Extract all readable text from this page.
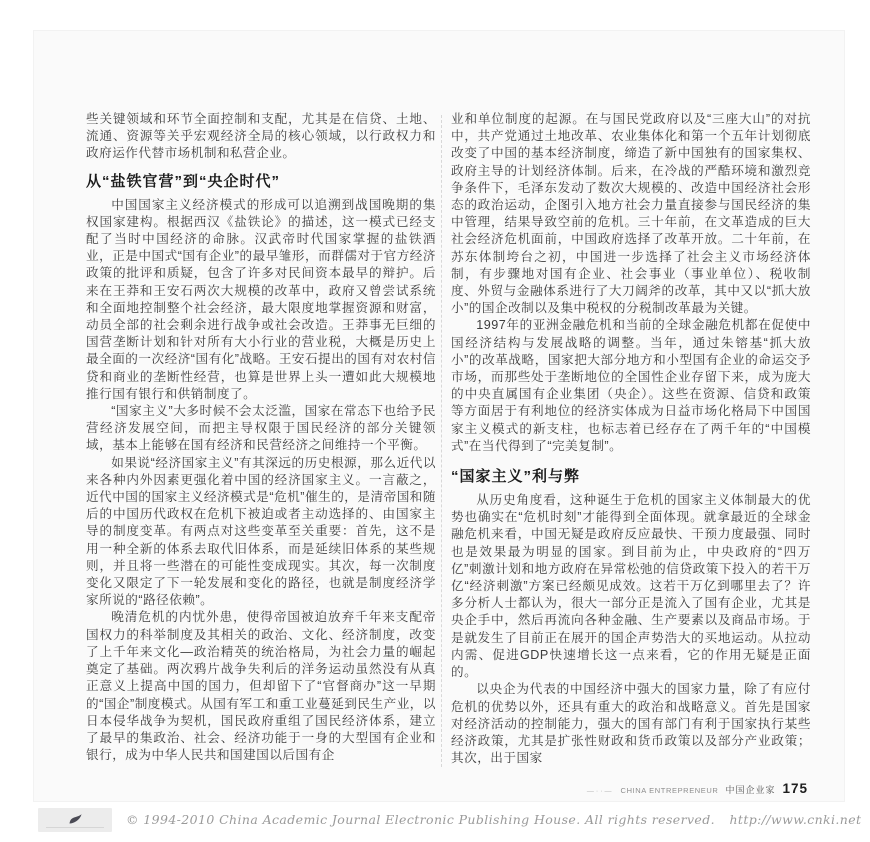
些关键领域和环节全面控制和支配，尤其是在信贷、土地、流通、资源等关乎宏观经济全局的核心领域，以行政权力和政府运作代替市场机制和私营企业。

从“盐铁官营”到“央企时代”

中国国家主义经济模式的形成可以追溯到战国晚期的集权国家建构。根据西汉《盐铁论》的描述，这一模式已经支配了当时中国经济的命脉。汉武帝时代国家掌握的盐铁酒业，正是中国式“国有企业”的最早雏形，而群儒对于官方经济政策的批评和质疑，包含了许多对民间资本最早的辩护。后来在王莽和王安石两次大规模的改革中，政府又曾尝试系统和全面地控制整个社会经济，最大限度地掌握资源和财富，动员全部的社会剩余进行战争或社会改造。王莽事无巨细的国营垄断计划和针对所有大小行业的营业税，大概是历史上最全面的一次经济“国有化”战略。王安石提出的国有对农村信贷和商业的垄断性经营，也算是世界上头一遭如此大规模地推行国有银行和供销制度了。

“国家主义”大多时候不会太泛滥，国家在常态下也给予民营经济发展空间，而把主导权限于国民经济的部分关键领域，基本上能够在国有经济和民营经济之间维持一个平衡。

如果说“经济国家主义”有其深远的历史根源，那么近代以来各种内外因素更强化着中国的经济国家主义。一言蔽之，近代中国的国家主义经济模式是“危机”催生的，是清帝国和随后的中国历代政权在危机下被迫或者主动选择的、由国家主导的制度变革。有两点对这些变革至关重要：首先，这不是用一种全新的体系去取代旧体系，而是延续旧体系的某些规则，并且将一些潜在的可能性变成现实。其次，每一次制度变化又限定了下一轮发展和变化的路径，也就是制度经济学家所说的“路径依赖”。

晚清危机的内忧外患，使得帝国被迫放弃千年来支配帝国权力的科举制度及其相关的政治、文化、经济制度，改变了上千年来文化—政治精英的统治格局，为社会力量的崛起奠定了基础。两次鸦片战争失利后的洋务运动虽然没有从真正意义上提高中国的国力，但却留下了“官督商办”这一早期的“国企”制度模式。从国有军工和重工业蔓延到民生产业，以日本侵华战争为契机，国民政府重组了国民经济体系，建立了最早的集政治、社会、经济功能于一身的大型国有企业和银行，成为中华人民共和国建国以后国有企

业和单位制度的起源。在与国民党政府以及“三座大山”的对抗中，共产党通过土地改革、农业集体化和第一个五年计划彻底改变了中国的基本经济制度，缔造了新中国独有的国家集权、政府主导的计划经济体制。后来，在冷战的严酷环境和激烈竞争条件下，毛泽东发动了数次大规模的、改造中国经济社会形态的政治运动，企图引入地方社会力量直接参与国民经济的集中管理，结果导致空前的危机。三十年前，在文革造成的巨大社会经济危机面前，中国政府选择了改革开放。二十年前，在苏东体制垮台之初，中国进一步选择了社会主义市场经济体制，有步骤地对国有企业、社会事业（事业单位）、税收制度、外贸与金融体系进行了大刀阔斧的改革，其中又以“抓大放小”的国企改制以及集中税权的分税制改革最为关键。

1997年的亚洲金融危机和当前的全球金融危机都在促使中国经济结构与发展战略的调整。当年，通过朱镕基“抓大放小”的改革战略，国家把大部分地方和小型国有企业的命运交予市场，而那些处于垄断地位的全国性企业存留下来，成为庞大的中央直属国有企业集团（央企）。这些在资源、信贷和政策等方面居于有利地位的经济实体成为日益市场化格局下中国国家主义模式的新支柱，也标志着已经存在了两千年的“中国模式”在当代得到了“完美复制”。

“国家主义”利与弊

从历史角度看，这种诞生于危机的国家主义体制最大的优势也确实在“危机时刻”才能得到全面体现。就拿最近的全球金融危机来看，中国无疑是政府反应最快、干预力度最强、同时也是效果最为明显的国家。到目前为止，中央政府的“四万亿”刺激计划和地方政府在异常松弛的信贷政策下投入的若干万亿“经济刺激”方案已经颇见成效。这若干万亿到哪里去了？许多分析人士都认为，很大一部分正是流入了国有企业，尤其是央企手中，然后再流向各种金融、生产要素以及商品市场。于是就发生了目前正在展开的国企声势浩大的买地运动。从拉动内需、促进GDP快速增长这一点来看，它的作用无疑是正面的。

以央企为代表的中国经济中强大的国家力量，除了有应付危机的优势以外，还具有重大的政治和战略意义。首先是国家对经济活动的控制能力，强大的国有部门有利于国家执行某些经济政策，尤其是扩张性财政和货币政策以及部分产业政策；其次，出于国家

—··— CHINA ENTREPRENEUR 中国企业家 175
© 1994-2010 China Academic Journal Electronic Publishing House. All rights reserved. http://www.cnki.net
